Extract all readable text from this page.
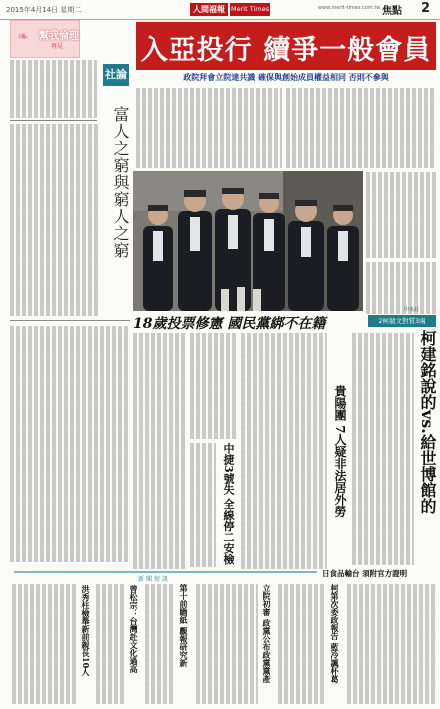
2015年4月14日 星期二	人間福報 Merit Times	www.merit-times.com.tw 焦點 2
❧ 幫我倫理
再見
社論
富人之窮與窮人之窮
入亞投行 續爭一般會員
政院拜會立院達共識 確保與創始成員權益相同 否則不參與
中央社
18歲投票修憲 國民黨綁不在籍	2柯競文對質3兩
中捷3號失 全線停二安檢	貴陽團 7人疑非法居外勞	柯建銘說的vs.給世博館的
新聞短訊
日食品輸台 須附官方證明
柯第次委政報告 藍冷諷杯葛
立院初審 政黨公布政黨黨產
第十前瞻紙 觀報研究新
曾松宗：台灣赴文化過高
洪秀柱檢舉新前親長10人
